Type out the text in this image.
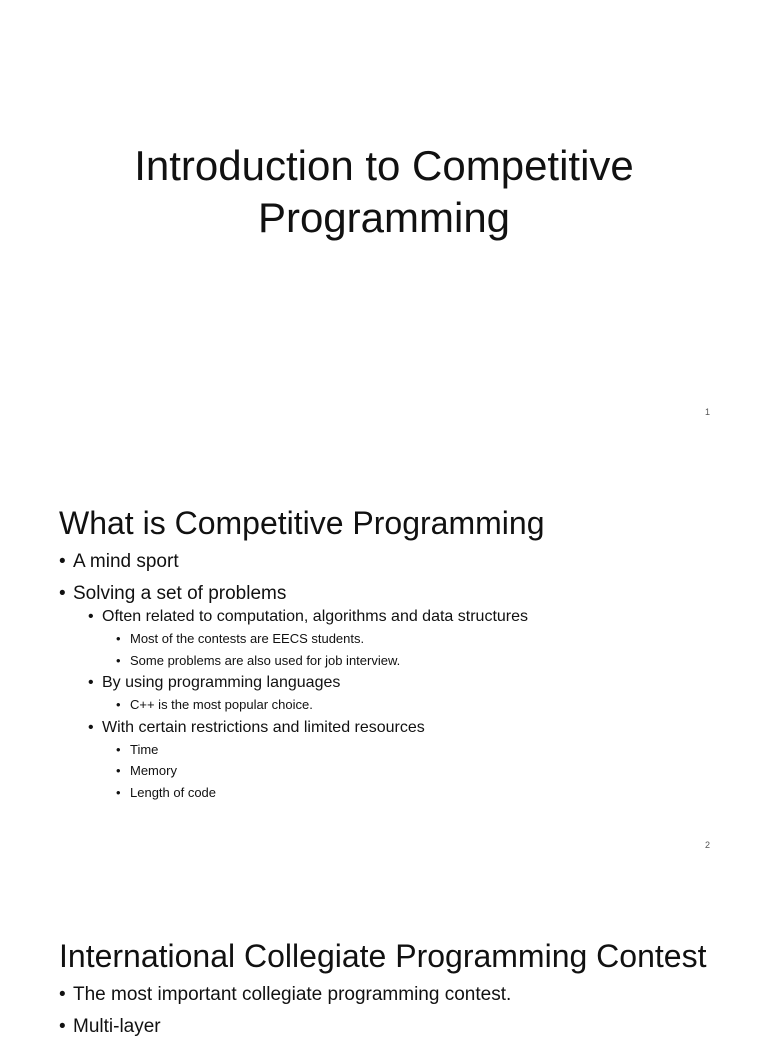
Introduction to Competitive
Programming
1
What is Competitive Programming
• A mind sport
• Solving a set of problems
• Often related to computation, algorithms and data structures
• Most of the contests are EECS students.
• Some problems are also used for job interview.
• By using programming languages
• C++ is the most popular choice.
• With certain restrictions and limited resources
• Time
• Memory
• Length of code
2
International Collegiate Programming Contest
• The most important collegiate programming contest.
• Multi-layer
